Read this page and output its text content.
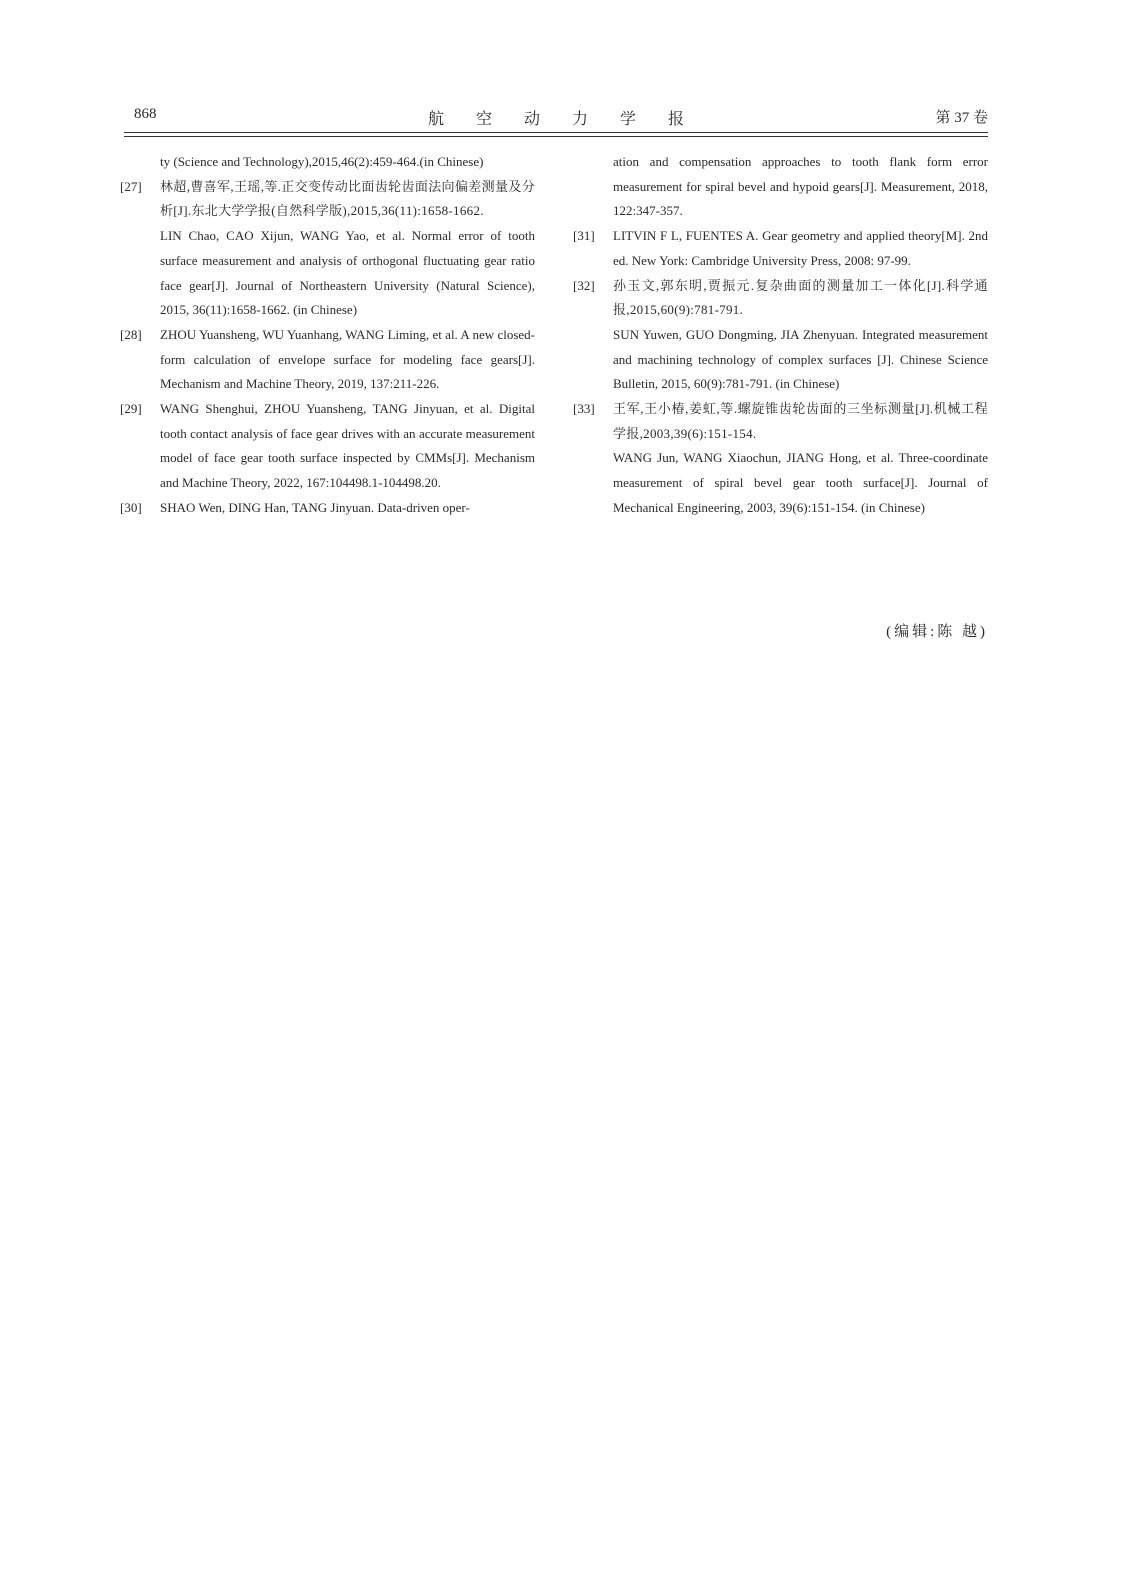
868	航 空 动 力 学 报	第 37 卷
ty (Science and Technology),2015,46(2):459-464.(in Chinese)
[27]	林超,曹喜军,王瑶,等.正交变传动比面齿轮齿面法向偏差测量及分析[J].东北大学学报(自然科学版),2015,36(11):1658-1662.
LIN Chao, CAO Xijun, WANG Yao, et al. Normal error of tooth surface measurement and analysis of orthogonal fluctuating gear ratio face gear[J]. Journal of Northeastern University (Natural Science), 2015, 36(11):1658-1662. (in Chinese)
[28]	ZHOU Yuansheng, WU Yuanhang, WANG Liming, et al. A new closed-form calculation of envelope surface for modeling face gears[J]. Mechanism and Machine Theory, 2019, 137:211-226.
[29]	WANG Shenghui, ZHOU Yuansheng, TANG Jinyuan, et al. Digital tooth contact analysis of face gear drives with an accurate measurement model of face gear tooth surface inspected by CMMs[J]. Mechanism and Machine Theory, 2022, 167:104498.1-104498.20.
[30]	SHAO Wen, DING Han, TANG Jinyuan. Data-driven oper-
ation and compensation approaches to tooth flank form error measurement for spiral bevel and hypoid gears[J]. Measurement, 2018, 122:347-357.
[31]	LITVIN F L, FUENTES A. Gear geometry and applied theory[M]. 2nd ed. New York: Cambridge University Press, 2008: 97-99.
[32]	孙玉文,郭东明,贾振元.复杂曲面的测量加工一体化[J].科学通报,2015,60(9):781-791.
SUN Yuwen, GUO Dongming, JIA Zhenyuan. Integrated measurement and machining technology of complex surfaces [J]. Chinese Science Bulletin, 2015, 60(9):781-791. (in Chinese)
[33]	王军,王小椿,姜虹,等.螺旋锥齿轮齿面的三坐标测量[J].机械工程学报,2003,39(6):151-154.
WANG Jun, WANG Xiaochun, JIANG Hong, et al. Three-coordinate measurement of spiral bevel gear tooth surface[J]. Journal of Mechanical Engineering, 2003, 39(6):151-154. (in Chinese)
(编辑:陈 越)
